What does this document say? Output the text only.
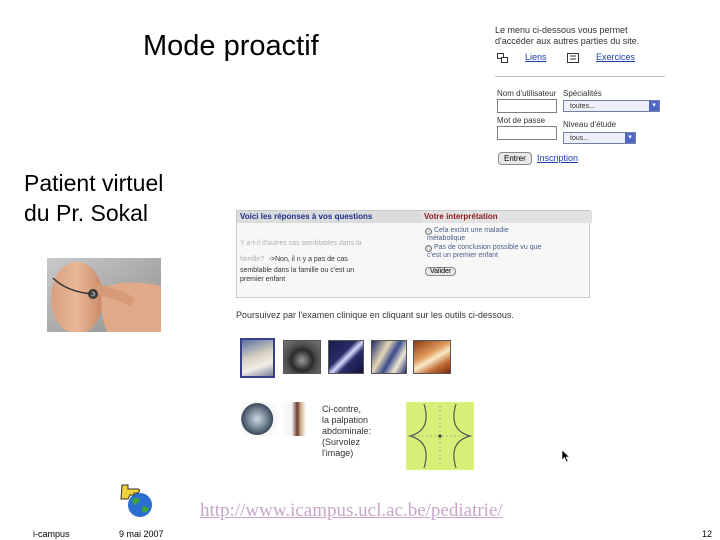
Mode proactif
Patient virtuel
du Pr. Sokal
Le menu ci-dessous vous permet
d'accéder aux autres parties du site.
Liens	Exercices
Nom d'utilisateur
Mot de passe
Spécialités
toutes...	▾
Niveau d'étude
tous...	▾
Entrer	Inscription
Voici les réponses à vos questions	Votre interprétation
Y a-t-il d'autres cas semblables dans la
famille? ->Non, il n y a pas de cas
semblable dans la famille ou c'est un
premier enfant
Cela exclut une maladie
métabolique
Pas de conclusion possible vu que
c'est un premier enfant
Valider
Poursuivez par l'examen clinique en cliquant sur les outils ci-dessous.
Ci-contre,
la palpation
abdominale:
(Survolez
l'image)
http://www.icampus.ucl.ac.be/pediatrie/
i-campus	9 mai 2007	12
